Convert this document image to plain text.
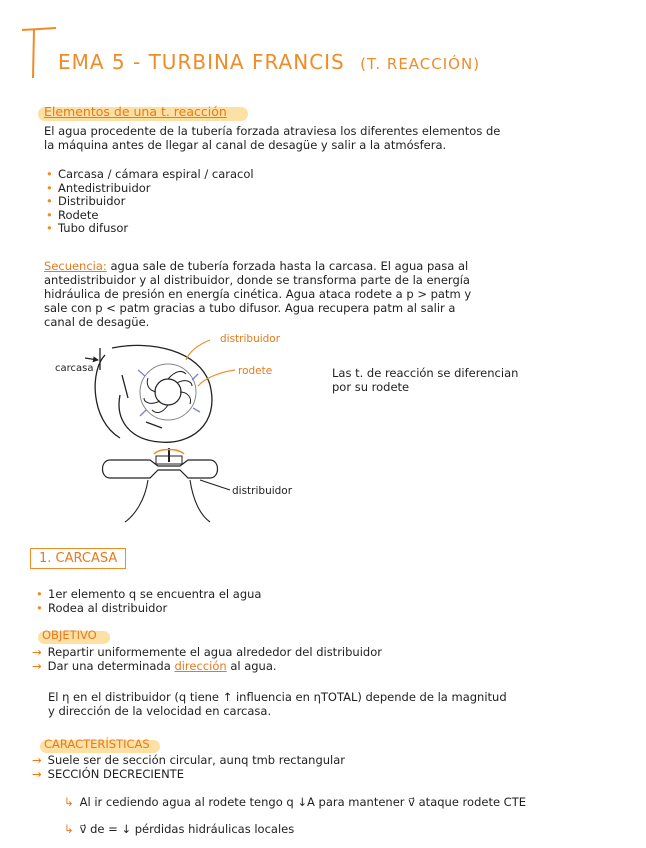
EMA 5 - TURBINA FRANCIS (T. REACCIÓN)
Elementos de una t. reacción
El agua procedente de la tubería forzada atraviesa los diferentes elementos de
la máquina antes de llegar al canal de desagüe y salir a la atmósfera.
• Carcasa / cámara espiral / caracol
• Antedistribuidor
• Distribuidor
• Rodete
• Tubo difusor
Secuencia: agua sale de tubería forzada hasta la carcasa. El agua pasa al
antedistribuidor y al distribuidor, donde se transforma parte de la energía
hidráulica de presión en energía cinética. Agua ataca rodete a p > patm y
sale con p < patm gracias a tubo difusor. Agua recupera patm al salir a
canal de desagüe.
carcasa
distribuidor
rodete
distribuidor
Las t. de reacción se diferencian
por su rodete
1. CARCASA
• 1er elemento q se encuentra el agua
• Rodea al distribuidor
OBJETIVO
→ Repartir uniformemente el agua alrededor del distribuidor
→ Dar una determinada dirección al agua.
El η en el distribuidor (q tiene ↑ influencia en ηTOTAL) depende de la magnitud
y dirección de la velocidad en carcasa.
CARACTERÍSTICAS
→ Suele ser de sección circular, aunq tmb rectangular
→ SECCIÓN DECRECIENTE
↳ Al ir cediendo agua al rodete tengo q ↓A para mantener v⃗ ataque rodete CTE
↳ v⃗ de = ↓ pérdidas hidráulicas locales
